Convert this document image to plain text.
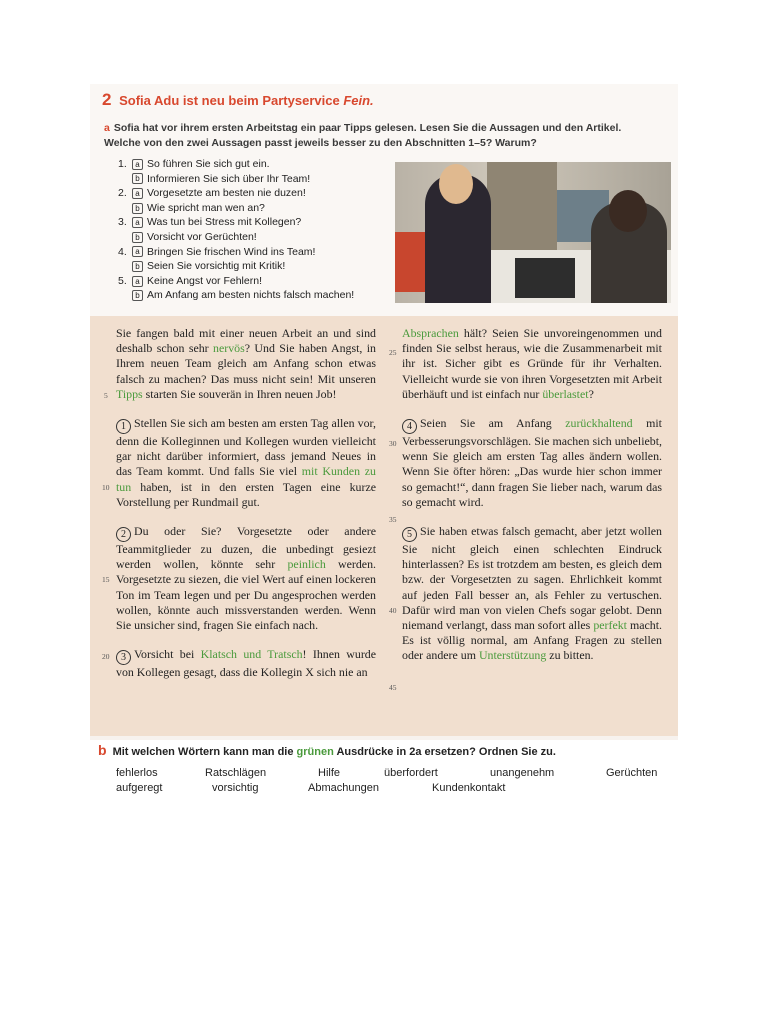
2 Sofia Adu ist neu beim Partyservice Fein.
a Sofia hat vor ihrem ersten Arbeitstag ein paar Tipps gelesen. Lesen Sie die Aussagen und den Artikel.
Welche von den zwei Aussagen passt jeweils besser zu den Abschnitten 1–5? Warum?
1.	a So führen Sie sich gut ein.
b Informieren Sie sich über Ihr Team!
2.	a Vorgesetzte am besten nie duzen!
b Wie spricht man wen an?
3.	a Was tun bei Stress mit Kollegen?
b Vorsicht vor Gerüchten!
4.	a Bringen Sie frischen Wind ins Team!
b Seien Sie vorsichtig mit Kritik!
5.	a Keine Angst vor Fehlern!
b Am Anfang am besten nichts falsch machen!

Sie fangen bald mit einer neuen Arbeit an und sind deshalb schon sehr nervös? Und Sie haben Angst, in Ihrem neuen Team gleich am Anfang schon etwas falsch zu machen? Das muss nicht sein! Mit unseren Tipps starten Sie souverän in Ihren neuen Job!

1 Stellen Sie sich am besten am ersten Tag allen vor, denn die Kolleginnen und Kollegen wurden vielleicht gar nicht darüber informiert, dass jemand Neues in das Team kommt. Und falls Sie viel mit Kunden zu tun haben, ist in den ersten Tagen eine kurze Vorstellung per Rundmail gut.

2 Du oder Sie? Vorgesetzte oder andere Teammitglieder zu duzen, die unbedingt gesiezt werden wollen, könnte sehr peinlich werden. Vorgesetzte zu siezen, die viel Wert auf einen lockeren Ton im Team legen und per Du angesprochen werden wollen, könnte auch missverstanden werden. Wenn Sie unsicher sind, fragen Sie einfach nach.

3 Vorsicht bei Klatsch und Tratsch! Ihnen wurde von Kollegen gesagt, dass die Kollegin X sich nie an

Absprachen hält? Seien Sie unvoreingenommen und finden Sie selbst heraus, wie die Zusammenarbeit mit ihr ist. Sicher gibt es Gründe für ihr Verhalten. Vielleicht wurde sie von ihren Vorgesetzten mit Arbeit überhäuft und ist einfach nur überlastet?

4 Seien Sie am Anfang zurückhaltend mit Verbesserungsvorschlägen. Sie machen sich unbeliebt, wenn Sie gleich am ersten Tag alles ändern wollen. Wenn Sie öfter hören: „Das wurde hier schon immer so gemacht!“, dann fragen Sie lieber nach, warum das so gemacht wird.

5 Sie haben etwas falsch gemacht, aber jetzt wollen Sie nicht gleich einen schlechten Eindruck hinterlassen? Es ist trotzdem am besten, es gleich dem bzw. der Vorgesetzten zu sagen. Ehrlichkeit kommt auf jeden Fall besser an, als Fehler zu vertuschen. Dafür wird man von vielen Chefs sogar gelobt. Denn niemand verlangt, dass man sofort alles perfekt macht. Es ist völlig normal, am Anfang Fragen zu stellen oder andere um Unterstützung zu bitten.

5
10
15
20
25
30
35
40
45
b Mit welchen Wörtern kann man die grünen Ausdrücke in 2a ersetzen? Ordnen Sie zu.
fehlerlos	Ratschlägen	Hilfe	überfordert	unangenehm	Gerüchten
aufgeregt	vorsichtig	Abmachungen	Kundenkontakt
